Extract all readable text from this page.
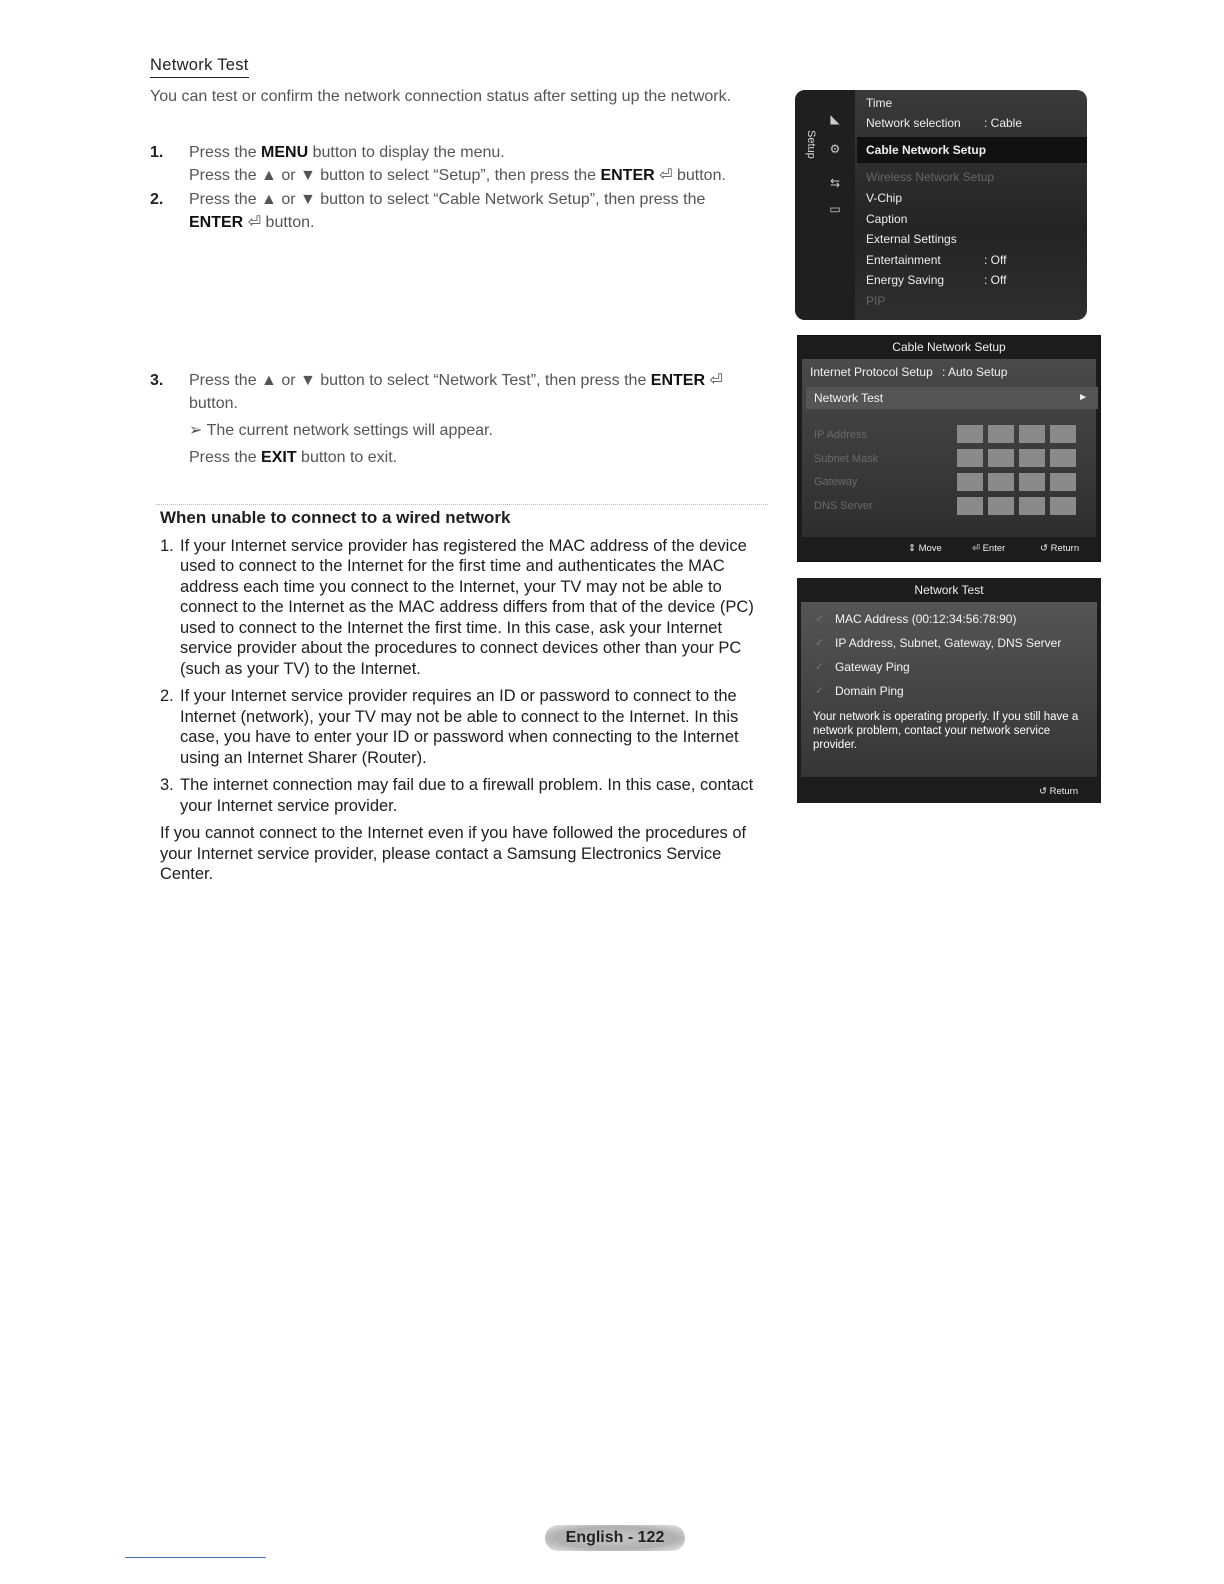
Network Test
You can test or confirm the network connection status after setting up the network.
1. Press the MENU button to display the menu.
Press the ▲ or ▼ button to select “Setup”, then press the ENTER ⏎ button.
2. Press the ▲ or ▼ button to select “Cable Network Setup”, then press the
ENTER ⏎ button.
3. Press the ▲ or ▼ button to select “Network Test”, then press the ENTER ⏎
button.
➢ The current network settings will appear.
Press the EXIT button to exit.
When unable to connect to a wired network
1. If your Internet service provider has registered the MAC address of the device used to connect to the Internet for the first time and authenticates the MAC address each time you connect to the Internet, your TV may not be able to connect to the Internet as the MAC address differs from that of the device (PC) used to connect to the Internet the first time. In this case, ask your Internet service provider about the procedures to connect devices other than your PC (such as your TV) to the Internet.
2. If your Internet service provider requires an ID or password to connect to the Internet (network), your TV may not be able to connect to the Internet. In this case, you have to enter your ID or password when connecting to the Internet using an Internet Sharer (Router).
3. The internet connection may fail due to a firewall problem. In this case, contact your Internet service provider.

If you cannot connect to the Internet even if you have followed the procedures of your Internet service provider, please contact a Samsung Electronics Service Center.

Setup
◣
⚙
⇆
▭
Time
Network selection : Cable
Cable Network Setup
Wireless Network Setup
V-Chip
Caption
External Settings
Entertainment	: Off
Energy Saving	: Off
PIP
Cable Network Setup
Internet Protocol Setup : Auto Setup
Network Test	►
IP Address
Subnet Mask
Gateway
DNS Server
⇕ Move	⏎ Enter	↺ Return
Network Test
✓ MAC Address (00:12:34:56:78:90)
✓ IP Address, Subnet, Gateway, DNS Server
✓ Gateway Ping
✓ Domain Ping
Your network is operating properly. If you still have a network problem, contact your network service provider.
↺ Return
English - 122
